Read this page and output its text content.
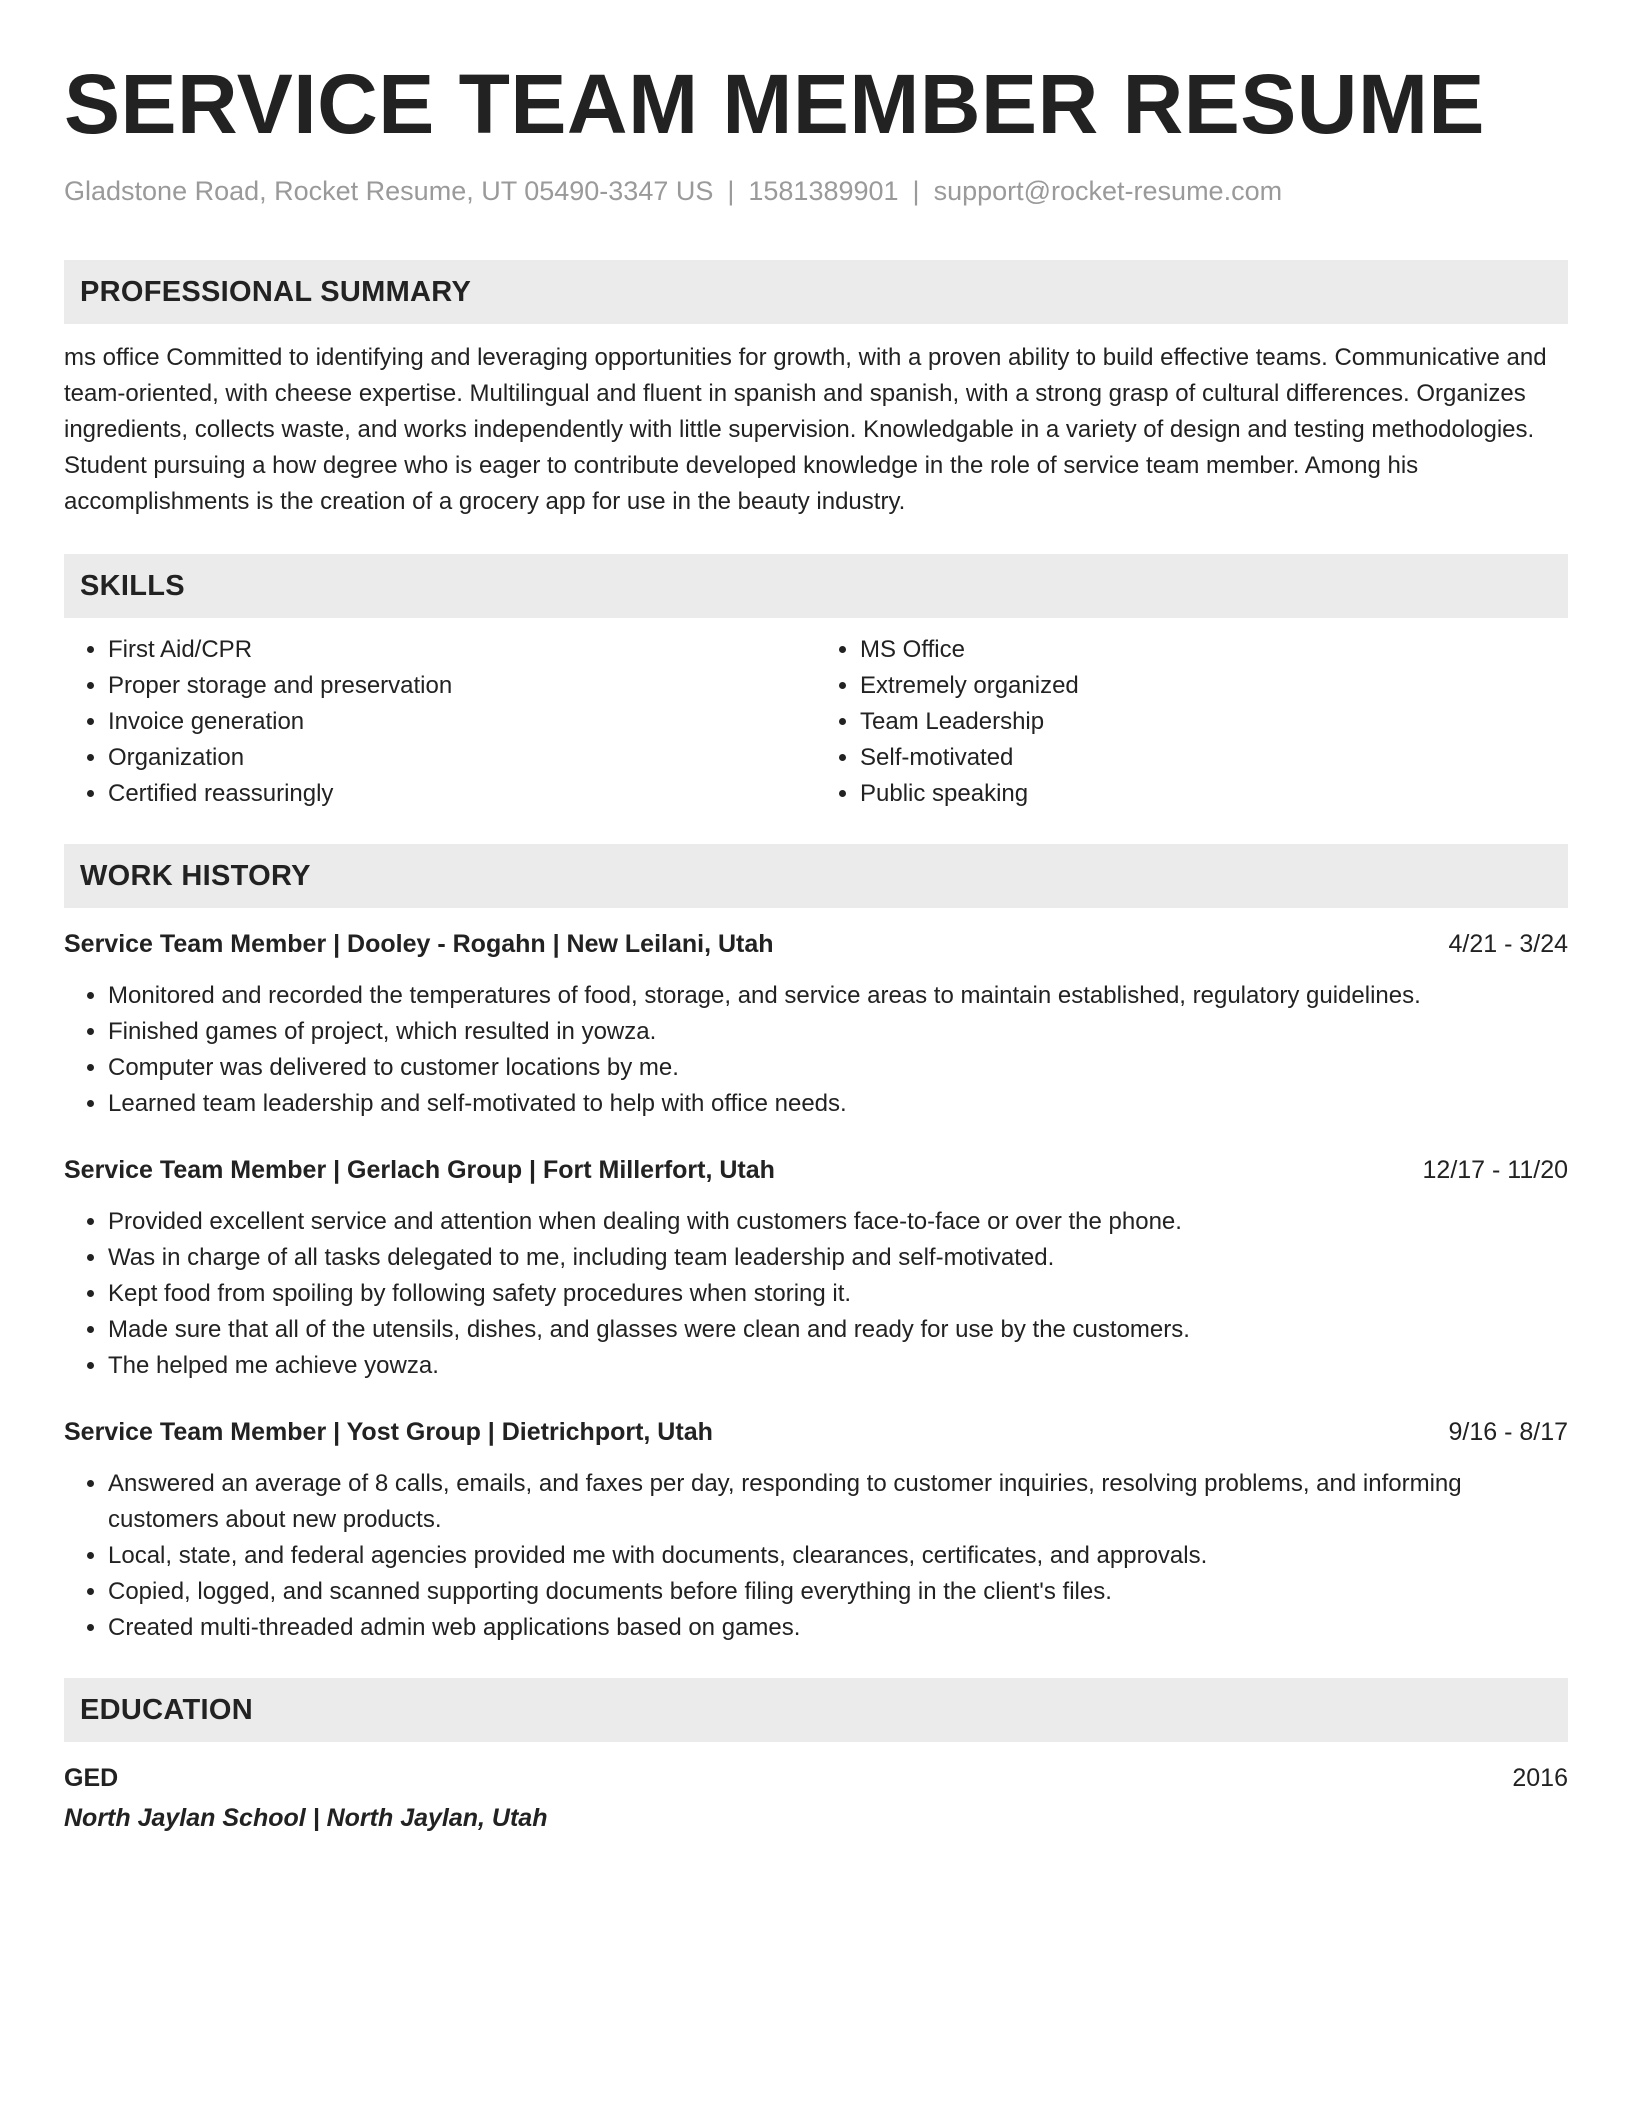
SERVICE TEAM MEMBER RESUME
Gladstone Road, Rocket Resume, UT 05490-3347 US | 1581389901 | support@rocket-resume.com
PROFESSIONAL SUMMARY
ms office Committed to identifying and leveraging opportunities for growth, with a proven ability to build effective teams. Communicative and team-oriented, with cheese expertise. Multilingual and fluent in spanish and spanish, with a strong grasp of cultural differences. Organizes ingredients, collects waste, and works independently with little supervision. Knowledgable in a variety of design and testing methodologies. Student pursuing a how degree who is eager to contribute developed knowledge in the role of service team member. Among his accomplishments is the creation of a grocery app for use in the beauty industry.
SKILLS
• First Aid/CPR
• Proper storage and preservation
• Invoice generation
• Organization
• Certified reassuringly
• MS Office
• Extremely organized
• Team Leadership
• Self-motivated
• Public speaking
WORK HISTORY
Service Team Member | Dooley - Rogahn | New Leilani, Utah	4/21 - 3/24
• Monitored and recorded the temperatures of food, storage, and service areas to maintain established, regulatory guidelines.
• Finished games of project, which resulted in yowza.
• Computer was delivered to customer locations by me.
• Learned team leadership and self-motivated to help with office needs.
Service Team Member | Gerlach Group | Fort Millerfort, Utah	12/17 - 11/20
• Provided excellent service and attention when dealing with customers face-to-face or over the phone.
• Was in charge of all tasks delegated to me, including team leadership and self-motivated.
• Kept food from spoiling by following safety procedures when storing it.
• Made sure that all of the utensils, dishes, and glasses were clean and ready for use by the customers.
• The helped me achieve yowza.
Service Team Member | Yost Group | Dietrichport, Utah	9/16 - 8/17
• Answered an average of 8 calls, emails, and faxes per day, responding to customer inquiries, resolving problems, and informing customers about new products.
• Local, state, and federal agencies provided me with documents, clearances, certificates, and approvals.
• Copied, logged, and scanned supporting documents before filing everything in the client's files.
• Created multi-threaded admin web applications based on games.
EDUCATION
GED	2016
North Jaylan School | North Jaylan, Utah
